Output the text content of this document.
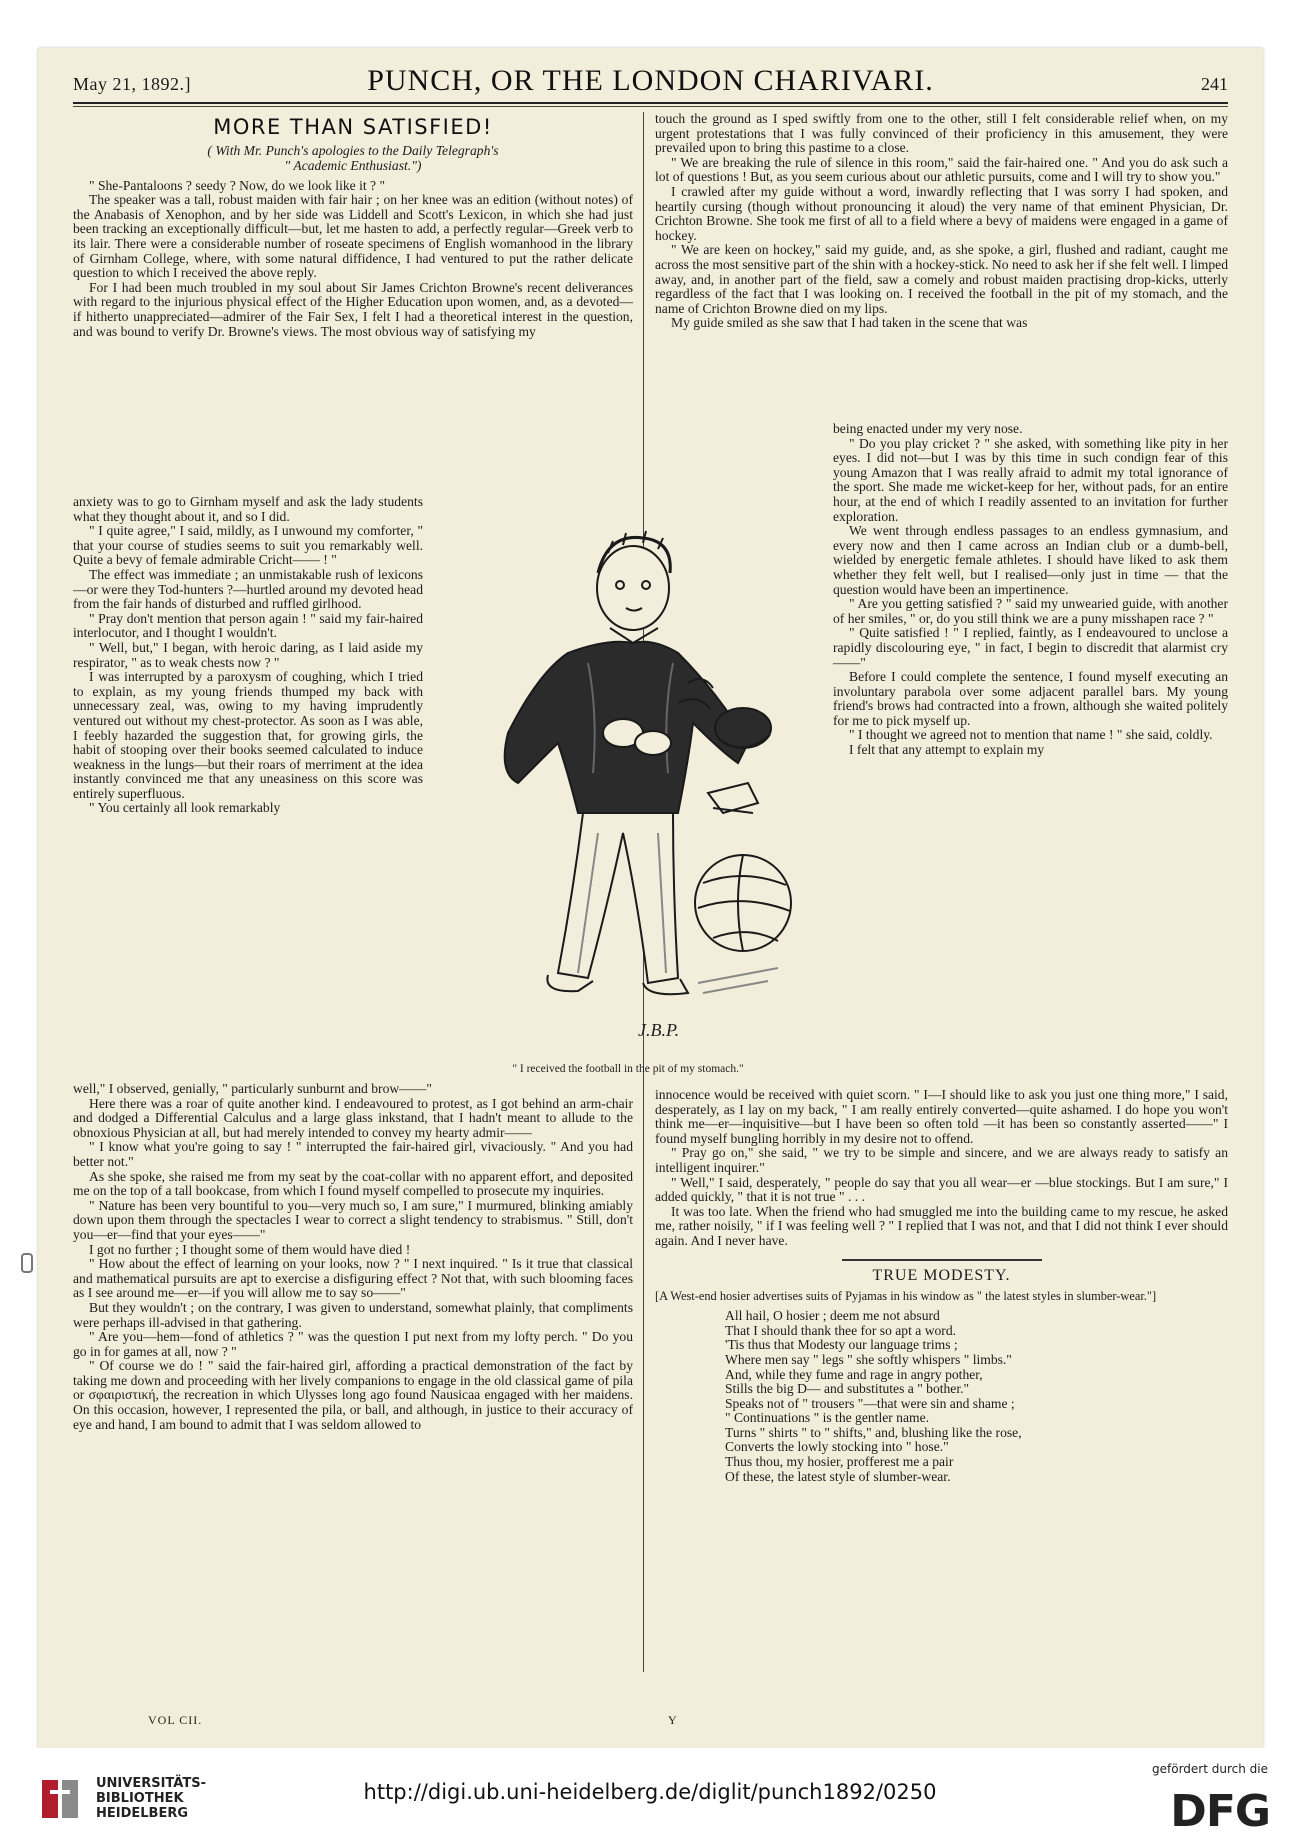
May 21, 1892.]	PUNCH, OR THE LONDON CHARIVARI.	241
MORE THAN SATISFIED!
( With Mr. Punch's apologies to the Daily Telegraph's
" Academic Enthusiast.")

" She-Pantaloons ? seedy ? Now, do we look like it ? "

The speaker was a tall, robust maiden with fair hair ; on her knee was an edition (without notes) of the Anabasis of Xenophon, and by her side was Liddell and Scott's Lexicon, in which she had just been tracking an exceptionally difficult—but, let me hasten to add, a perfectly regular—Greek verb to its lair. There were a considerable number of roseate specimens of English womanhood in the library of Girnham College, where, with some natural diffidence, I had ventured to put the rather delicate question to which I received the above reply.

For I had been much troubled in my soul about Sir James Crichton Browne's recent deliverances with regard to the injurious physical effect of the Higher Education upon women, and, as a devoted—if hitherto unappreciated—admirer of the Fair Sex, I felt I had a theoretical interest in the question, and was bound to verify Dr. Browne's views. The most obvious way of satisfying my

anxiety was to go to Girnham myself and ask the lady students what they thought about it, and so I did.

" I quite agree," I said, mildly, as I unwound my comforter, " that your course of studies seems to suit you remarkably well. Quite a bevy of female admirable Cricht—— ! "

The effect was immediate ; an unmistakable rush of lexicons—or were they Tod-hunters ?—hurtled around my devoted head from the fair hands of disturbed and ruffled girlhood.

" Pray don't mention that person again ! " said my fair-haired interlocutor, and I thought I wouldn't.

" Well, but," I began, with heroic daring, as I laid aside my respirator, " as to weak chests now ? "

I was interrupted by a paroxysm of coughing, which I tried to explain, as my young friends thumped my back with unnecessary zeal, was, owing to my having imprudently ventured out without my chest-protector. As soon as I was able, I feebly hazarded the suggestion that, for growing girls, the habit of stooping over their books seemed calculated to induce weakness in the lungs—but their roars of merriment at the idea instantly convinced me that any uneasiness on this score was entirely superfluous.

" You certainly all look remarkably

well," I observed, genially, " particularly sunburnt and brow——"

Here there was a roar of quite another kind. I endeavoured to protest, as I got behind an arm-chair and dodged a Differential Calculus and a large glass inkstand, that I hadn't meant to allude to the obnoxious Physician at all, but had merely intended to convey my hearty admir——

" I know what you're going to say ! " interrupted the fair-haired girl, vivaciously. " And you had better not."

As she spoke, she raised me from my seat by the coat-collar with no apparent effort, and deposited me on the top of a tall bookcase, from which I found myself compelled to prosecute my inquiries.

" Nature has been very bountiful to you—very much so, I am sure," I murmured, blinking amiably down upon them through the spectacles I wear to correct a slight tendency to strabismus. " Still, don't you—er—find that your eyes——"

I got no further ; I thought some of them would have died !

" How about the effect of learning on your looks, now ? " I next inquired. " Is it true that classical and mathematical pursuits are apt to exercise a disfiguring effect ? Not that, with such blooming faces as I see around me—er—if you will allow me to say so——"

But they wouldn't ; on the contrary, I was given to understand, somewhat plainly, that compliments were perhaps ill-advised in that gathering.

" Are you—hem—fond of athletics ? " was the question I put next from my lofty perch. " Do you go in for games at all, now ? "

" Of course we do ! " said the fair-haired girl, affording a practical demonstration of the fact by taking me down and proceeding with her lively companions to engage in the old classical game of pila or σφαιριστική, the recreation in which Ulysses long ago found Nausicaa engaged with her maidens. On this occasion, however, I represented the pila, or ball, and although, in justice to their accuracy of eye and hand, I am bound to admit that I was seldom allowed to

touch the ground as I sped swiftly from one to the other, still I felt considerable relief when, on my urgent protestations that I was fully convinced of their proficiency in this amusement, they were prevailed upon to bring this pastime to a close.

" We are breaking the rule of silence in this room," said the fair-haired one. " And you do ask such a lot of questions ! But, as you seem curious about our athletic pursuits, come and I will try to show you."

I crawled after my guide without a word, inwardly reflecting that I was sorry I had spoken, and heartily cursing (though without pronouncing it aloud) the very name of that eminent Physician, Dr. Crichton Browne. She took me first of all to a field where a bevy of maidens were engaged in a game of hockey.

" We are keen on hockey," said my guide, and, as she spoke, a girl, flushed and radiant, caught me across the most sensitive part of the shin with a hockey-stick. No need to ask her if she felt well. I limped away, and, in another part of the field, saw a comely and robust maiden practising drop-kicks, utterly regardless of the fact that I was looking on. I received the football in the pit of my stomach, and the name of Crichton Browne died on my lips.

My guide smiled as she saw that I had taken in the scene that was

being enacted under my very nose.

" Do you play cricket ? " she asked, with something like pity in her eyes. I did not—but I was by this time in such condign fear of this young Amazon that I was really afraid to admit my total ignorance of the sport. She made me wicket-keep for her, without pads, for an entire hour, at the end of which I readily assented to an invitation for further exploration.

We went through endless passages to an endless gymnasium, and every now and then I came across an Indian club or a dumb-bell, wielded by energetic female athletes. I should have liked to ask them whether they felt well, but I realised—only just in time — that the question would have been an impertinence.

" Are you getting satisfied ? " said my unwearied guide, with another of her smiles, " or, do you still think we are a puny misshapen race ? "

" Quite satisfied ! " I replied, faintly, as I endeavoured to unclose a rapidly discolouring eye, " in fact, I begin to discredit that alarmist cry——"

Before I could complete the sentence, I found myself executing an involuntary parabola over some adjacent parallel bars. My young friend's brows had contracted into a frown, although she waited politely for me to pick myself up.

" I thought we agreed not to mention that name ! " she said, coldly.

I felt that any attempt to explain my

innocence would be received with quiet scorn. " I—I should like to ask you just one thing more," I said, desperately, as I lay on my back, " I am really entirely converted—quite ashamed. I do hope you won't think me—er—inquisitive—but I have been so often told —it has been so constantly asserted——" I found myself bungling horribly in my desire not to offend.

" Pray go on," she said, " we try to be simple and sincere, and we are always ready to satisfy an intelligent inquirer."

" Well," I said, desperately, " people do say that you all wear—er —blue stockings. But I am sure," I added quickly, " that it is not true " . . .

It was too late. When the friend who had smuggled me into the building came to my rescue, he asked me, rather noisily, " if I was feeling well ? " I replied that I was not, and that I did not think I ever should again. And I never have.

TRUE MODESTY.

[A West-end hosier advertises suits of Pyjamas in his window as " the latest styles in slumber-wear."]

All hail, O hosier ; deem me not absurd

That I should thank thee for so apt a word.

'Tis thus that Modesty our language trims ;

Where men say " legs " she softly whispers " limbs."

And, while they fume and rage in angry pother,

Stills the big D— and substitutes a " bother."

Speaks not of " trousers "—that were sin and shame ;

" Continuations " is the gentler name.

Turns " shirts " to " shifts," and, blushing like the rose,

Converts the lowly stocking into " hose."

Thus thou, my hosier, profferest me a pair

Of these, the latest style of slumber-wear.

J.B.P.
" I received the football in the pit of my stomach."
VOL CII.	Y
UNIVERSITÄTS-
BIBLIOTHEK
HEIDELBERG
http://digi.ub.uni-heidelberg.de/diglit/punch1892/0250
gefördert durch die
DFG
